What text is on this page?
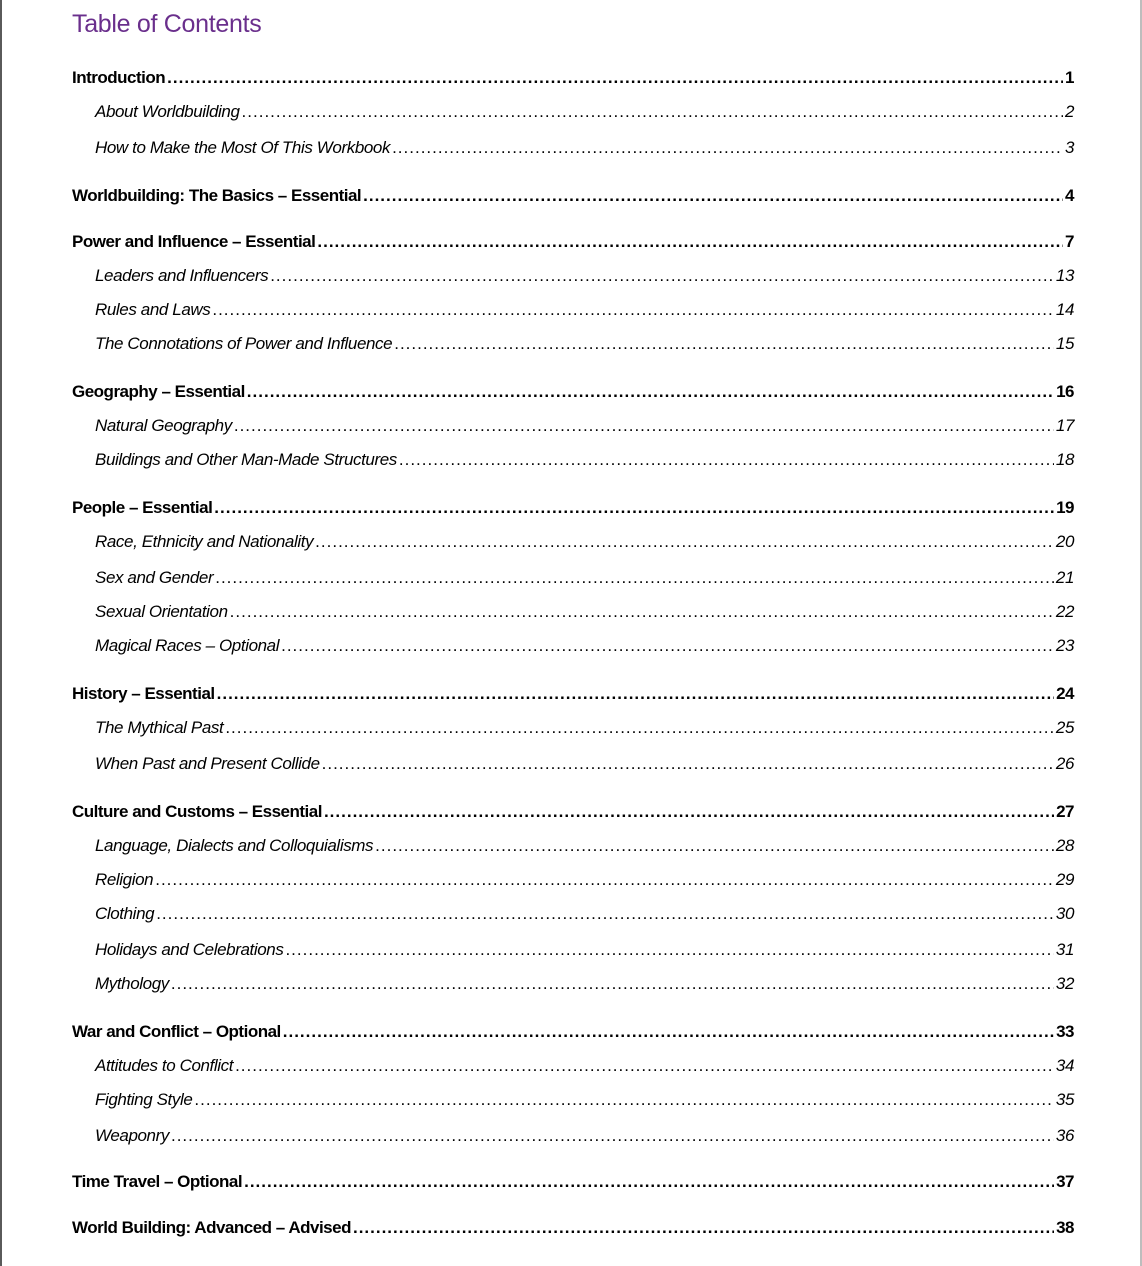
Table of Contents
Introduction .....	1
About Worldbuilding .....	2
How to Make the Most Of This Workbook .....	3
Worldbuilding: The Basics – Essential .....	4
Power and Influence – Essential .....	7
Leaders and Influencers .....	13
Rules and Laws .....	14
The Connotations of Power and Influence .....	15
Geography – Essential .....	16
Natural Geography .....	17
Buildings and Other Man-Made Structures .....	18
People – Essential .....	19
Race, Ethnicity and Nationality .....	20
Sex and Gender .....	21
Sexual Orientation .....	22
Magical Races – Optional .....	23
History – Essential .....	24
The Mythical Past .....	25
When Past and Present Collide .....	26
Culture and Customs – Essential .....	27
Language, Dialects and Colloquialisms .....	28
Religion .....	29
Clothing .....	30
Holidays and Celebrations .....	31
Mythology .....	32
War and Conflict – Optional .....	33
Attitudes to Conflict .....	34
Fighting Style .....	35
Weaponry .....	36
Time Travel – Optional .....	37
World Building: Advanced – Advised .....	38
